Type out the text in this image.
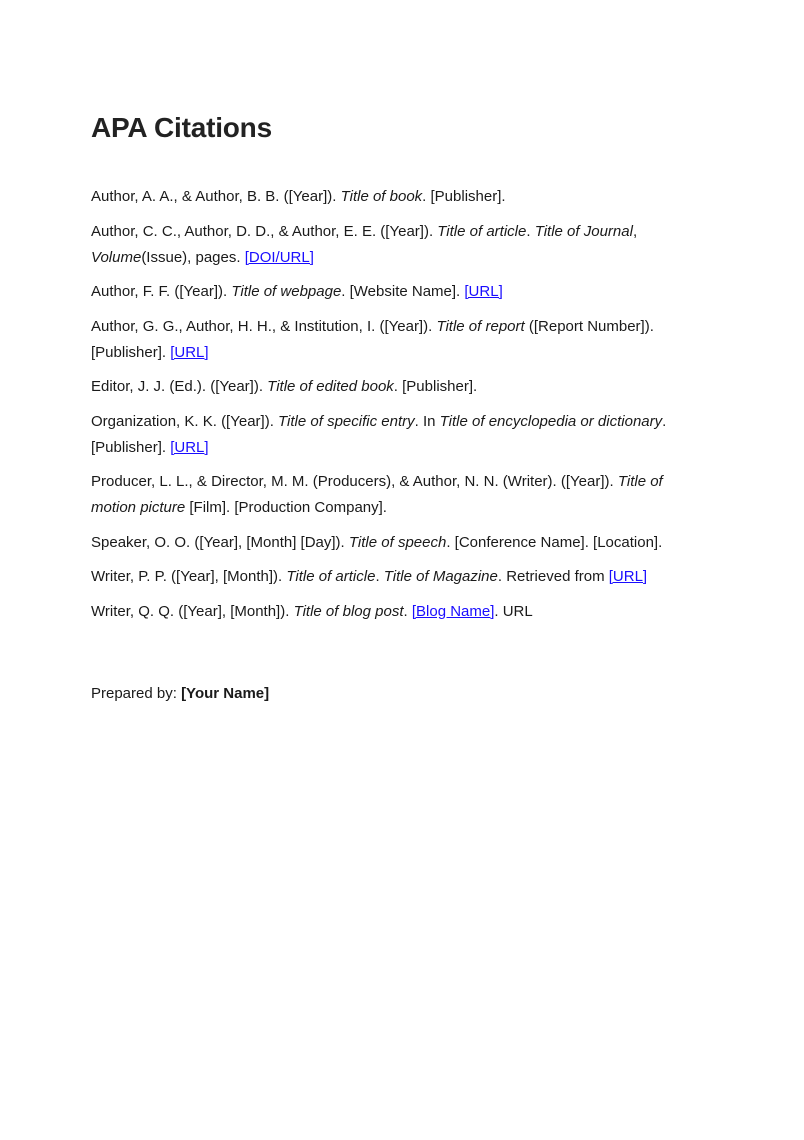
APA Citations

Author, A. A., & Author, B. B. ([Year]). Title of book. [Publisher].

Author, C. C., Author, D. D., & Author, E. E. ([Year]). Title of article. Title of Journal, Volume(Issue), pages. [DOI/URL]

Author, F. F. ([Year]). Title of webpage. [Website Name]. [URL]

Author, G. G., Author, H. H., & Institution, I. ([Year]). Title of report ([Report Number]). [Publisher]. [URL]

Editor, J. J. (Ed.). ([Year]). Title of edited book. [Publisher].

Organization, K. K. ([Year]). Title of specific entry. In Title of encyclopedia or dictionary. [Publisher]. [URL]

Producer, L. L., & Director, M. M. (Producers), & Author, N. N. (Writer). ([Year]). Title of motion picture [Film]. [Production Company].

Speaker, O. O. ([Year], [Month] [Day]). Title of speech. [Conference Name]. [Location].

Writer, P. P. ([Year], [Month]). Title of article. Title of Magazine. Retrieved from [URL]

Writer, Q. Q. ([Year], [Month]). Title of blog post. [Blog Name]. URL

Prepared by: [Your Name]
